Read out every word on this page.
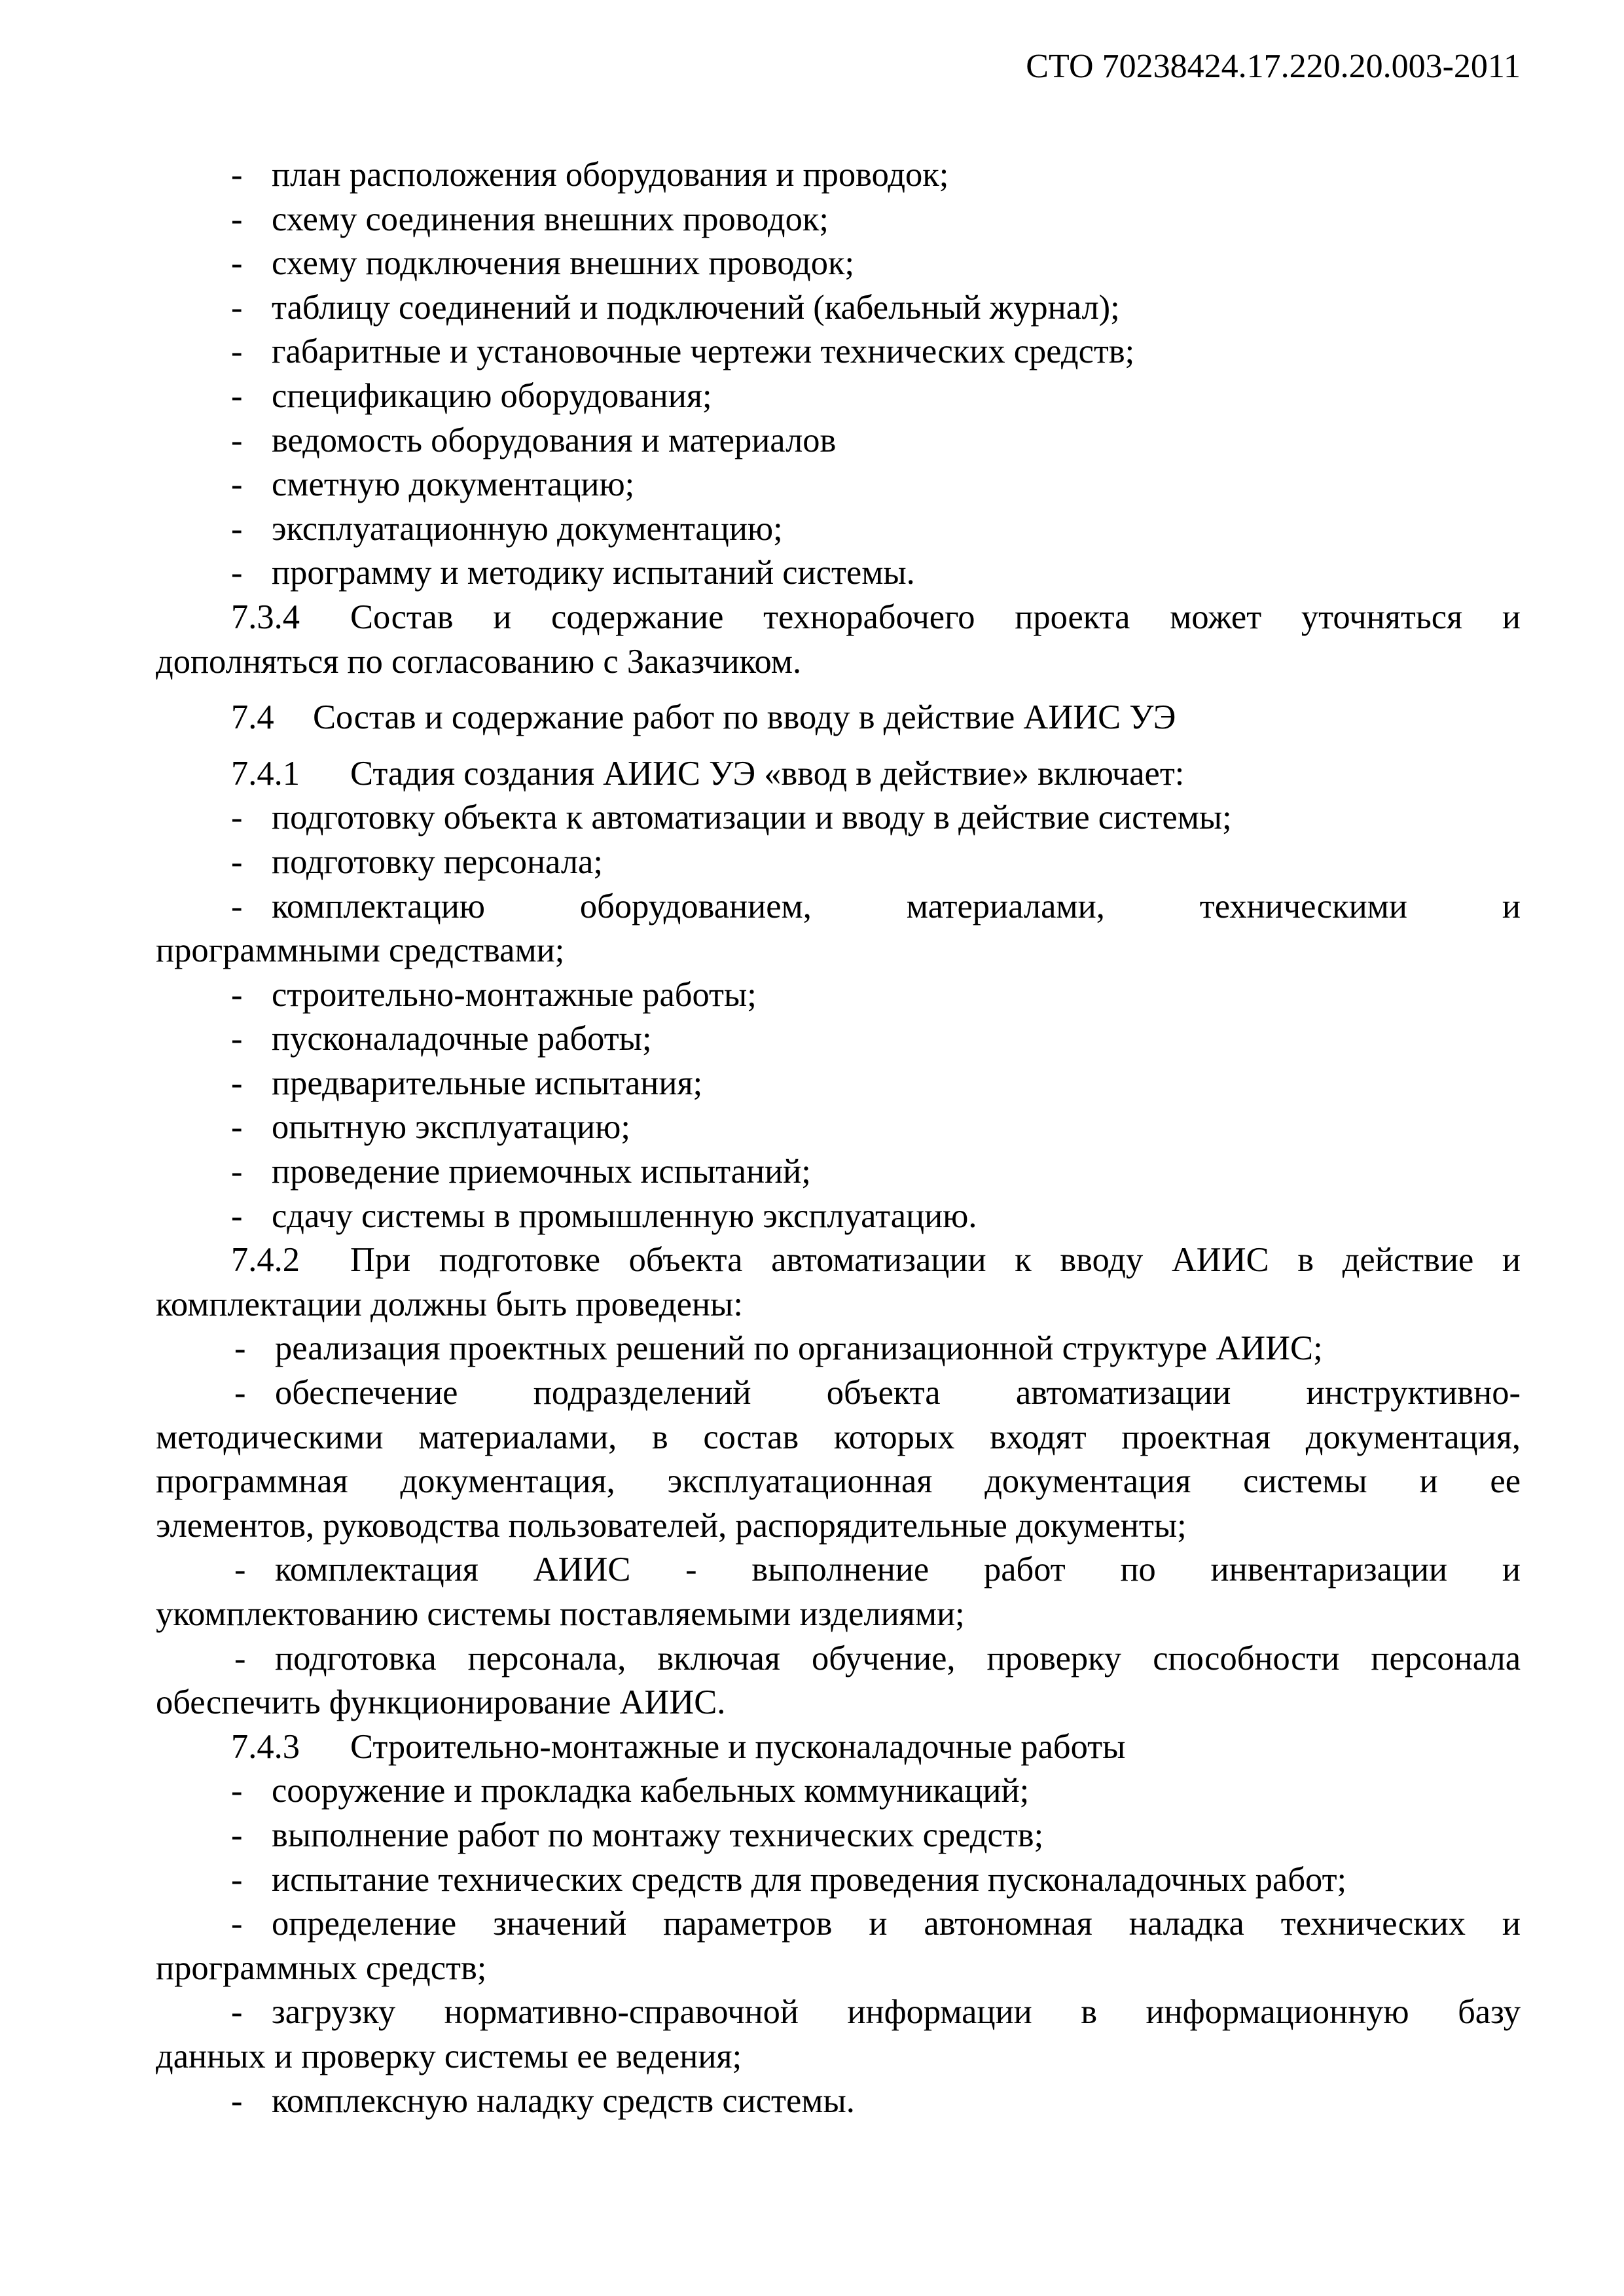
СТО 70238424.17.220.20.003-2011
- план расположения оборудования и проводок;
- схему соединения внешних проводок;
- схему подключения внешних проводок;
- таблицу соединений и подключений (кабельный журнал);
- габаритные и установочные чертежи технических средств;
- спецификацию оборудования;
- ведомость оборудования и материалов
- сметную документацию;
- эксплуатационную документацию;
- программу и методику испытаний системы.
7.3.4	Состав и содержание технорабочего проекта может уточняться и
дополняться по согласованию с Заказчиком.
7.4	Состав и содержание работ по вводу в действие АИИС УЭ
7.4.1	Стадия создания АИИС УЭ «ввод в действие» включает:
- подготовку объекта к автоматизации и вводу в действие системы;
- подготовку персонала;
- комплектацию оборудованием, материалами, техническими и
программными средствами;
- строительно-монтажные работы;
- пусконаладочные работы;
- предварительные испытания;
- опытную эксплуатацию;
- проведение приемочных испытаний;
- сдачу системы в промышленную эксплуатацию.
7.4.2	При подготовке объекта автоматизации к вводу АИИС в действие и
комплектации должны быть проведены:
- реализация проектных решений по организационной структуре АИИС;
- обеспечение подразделений объекта автоматизации инструктивно-
методическими материалами, в состав которых входят проектная документация,
программная документация, эксплуатационная документация системы и ее
элементов, руководства пользователей, распорядительные документы;
- комплектация АИИС - выполнение работ по инвентаризации и
укомплектованию системы поставляемыми изделиями;
- подготовка персонала, включая обучение, проверку способности персонала
обеспечить функционирование АИИС.
7.4.3	Строительно-монтажные и пусконаладочные работы
- сооружение и прокладка кабельных коммуникаций;
- выполнение работ по монтажу технических средств;
- испытание технических средств для проведения пусконаладочных работ;
- определение значений параметров и автономная наладка технических и
программных средств;
- загрузку нормативно-справочной информации в информационную базу
данных и проверку системы ее ведения;
- комплексную наладку средств системы.
